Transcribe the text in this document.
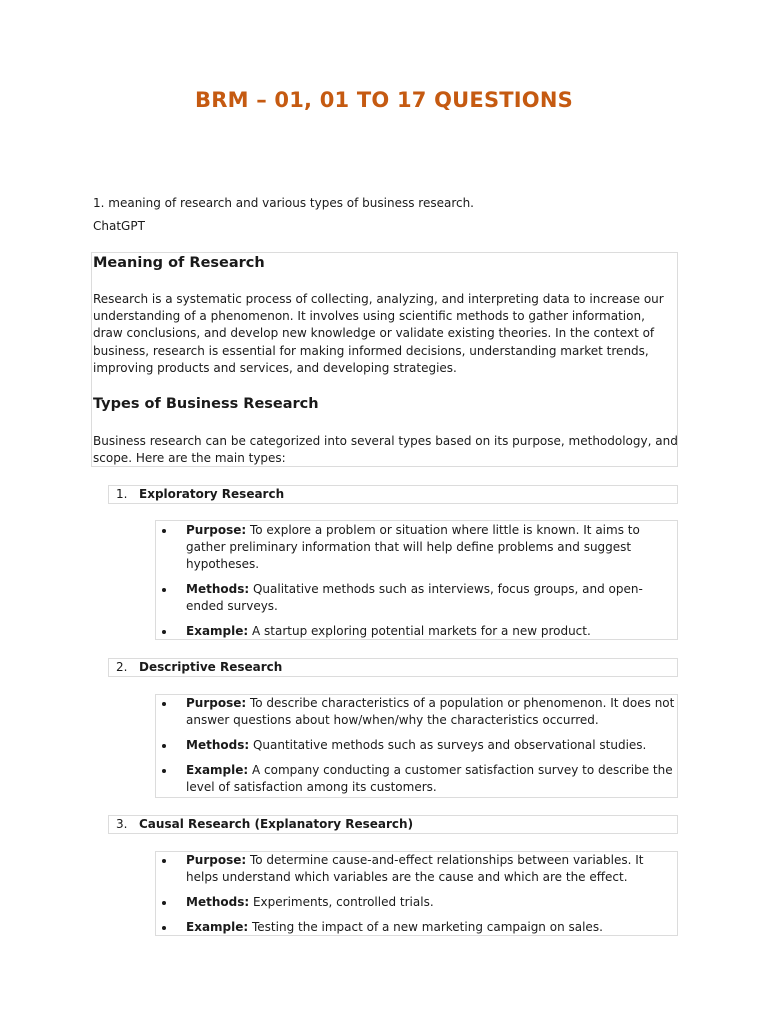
BRM – 01, 01 TO 17 QUESTIONS
1. meaning of research and various types of business research.
ChatGPT
Meaning of Research
Research is a systematic process of collecting, analyzing, and interpreting data to increase our understanding of a phenomenon. It involves using scientific methods to gather information, draw conclusions, and develop new knowledge or validate existing theories. In the context of business, research is essential for making informed decisions, understanding market trends, improving products and services, and developing strategies.
Types of Business Research
Business research can be categorized into several types based on its purpose, methodology, and scope. Here are the main types:
1. Exploratory Research
Purpose: To explore a problem or situation where little is known. It aims to gather preliminary information that will help define problems and suggest hypotheses.
Methods: Qualitative methods such as interviews, focus groups, and open-ended surveys.
Example: A startup exploring potential markets for a new product.
2. Descriptive Research
Purpose: To describe characteristics of a population or phenomenon. It does not answer questions about how/when/why the characteristics occurred.
Methods: Quantitative methods such as surveys and observational studies.
Example: A company conducting a customer satisfaction survey to describe the level of satisfaction among its customers.
3. Causal Research (Explanatory Research)
Purpose: To determine cause-and-effect relationships between variables. It helps understand which variables are the cause and which are the effect.
Methods: Experiments, controlled trials.
Example: Testing the impact of a new marketing campaign on sales.
